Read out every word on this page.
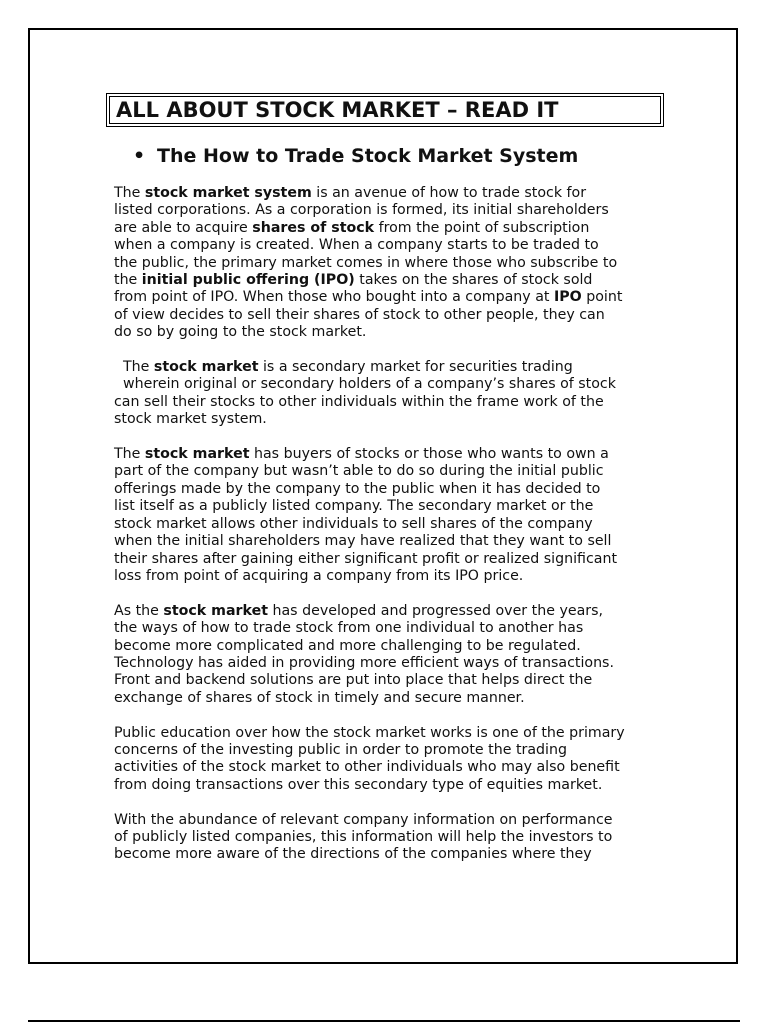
ALL ABOUT STOCK MARKET – READ IT
• The How to Trade Stock Market System
The stock market system is an avenue of how to trade stock for
listed corporations. As a corporation is formed, its initial shareholders
are able to acquire shares of stock from the point of subscription
when a company is created. When a company starts to be traded to
the public, the primary market comes in where those who subscribe to
the initial public offering (IPO) takes on the shares of stock sold
from point of IPO. When those who bought into a company at IPO point
of view decides to sell their shares of stock to other people, they can
do so by going to the stock market.
The stock market is a secondary market for securities trading
wherein original or secondary holders of a company’s shares of stock
can sell their stocks to other individuals within the frame work of the
stock market system.
The stock market has buyers of stocks or those who wants to own a
part of the company but wasn’t able to do so during the initial public
offerings made by the company to the public when it has decided to
list itself as a publicly listed company. The secondary market or the
stock market allows other individuals to sell shares of the company
when the initial shareholders may have realized that they want to sell
their shares after gaining either significant profit or realized significant
loss from point of acquiring a company from its IPO price.
As the stock market has developed and progressed over the years,
the ways of how to trade stock from one individual to another has
become more complicated and more challenging to be regulated.
Technology has aided in providing more efficient ways of transactions.
Front and backend solutions are put into place that helps direct the
exchange of shares of stock in timely and secure manner.
Public education over how the stock market works is one of the primary
concerns of the investing public in order to promote the trading
activities of the stock market to other individuals who may also benefit
from doing transactions over this secondary type of equities market.
With the abundance of relevant company information on performance
of publicly listed companies, this information will help the investors to
become more aware of the directions of the companies where they
